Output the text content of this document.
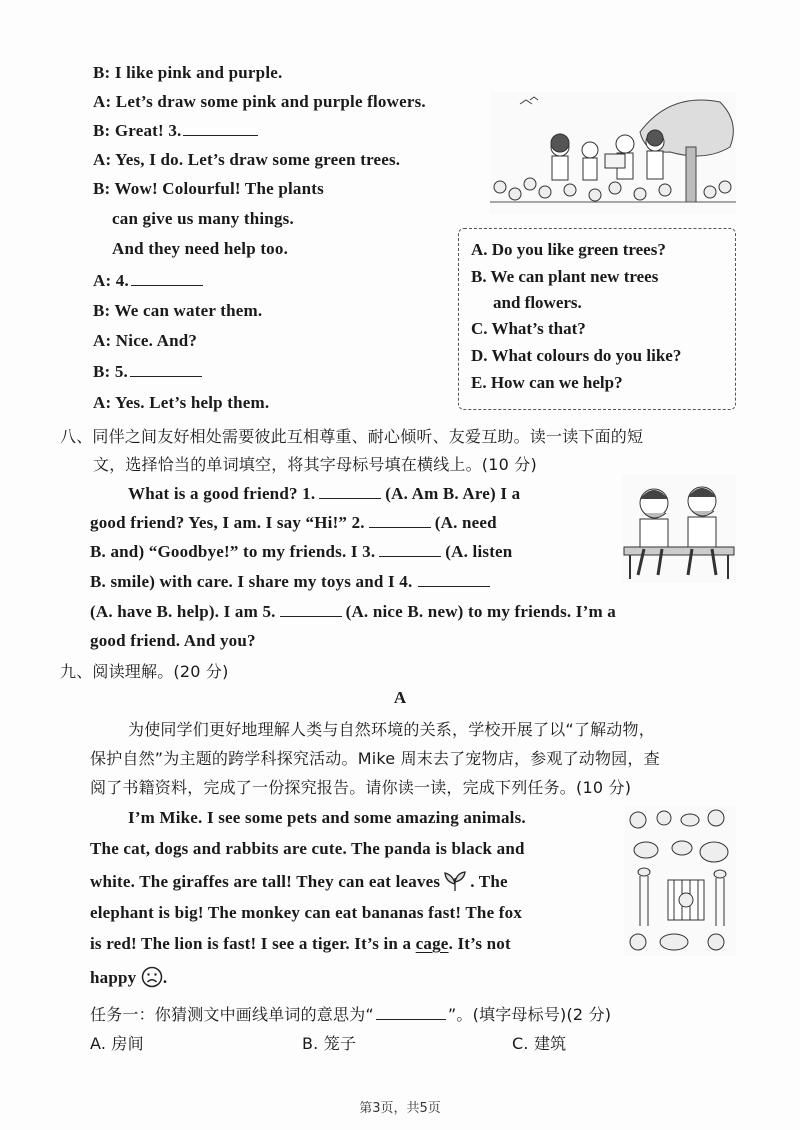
B: I like pink and purple.
A: Let’s draw some pink and purple flowers.
B: Great! 3.
A: Yes, I do. Let’s draw some green trees.
B: Wow! Colourful! The plants
can give us many things.
And they need help too.
A: 4.
B: We can water them.
A: Nice. And?
B: 5.
A: Yes. Let’s help them.
A. Do you like green trees?
B. We can plant new trees
and flowers.
C. What’s that?
D. What colours do you like?
E. How can we help?
八、同伴之间友好相处需要彼此互相尊重、耐心倾听、友爱互助。读一读下面的短
文，选择恰当的单词填空，将其字母标号填在横线上。(10 分)
What is a good friend? 1.	(A. Am B. Are) I a
good friend? Yes, I am. I say “Hi!” 2.	(A. need
B. and) “Goodbye!” to my friends. I 3.	(A. listen
B. smile) with care. I share my toys and I 4.
(A. have B. help). I am 5.	(A. nice B. new) to my friends. I’m a
good friend. And you?
九、阅读理解。(20 分)
A
为使同学们更好地理解人类与自然环境的关系，学校开展了以“了解动物，
保护自然”为主题的跨学科探究活动。Mike 周末去了宠物店，参观了动物园，查
阅了书籍资料，完成了一份探究报告。请你读一读，完成下列任务。(10 分)
I’m Mike. I see some pets and some amazing animals.
The cat, dogs and rabbits are cute. The panda is black and
white. The giraffes are tall! They can eat leaves . The
elephant is big! The monkey can eat bananas fast! The fox
is red! The lion is fast! I see a tiger. It’s in a cage. It’s not
happy .
任务一：你猜测文中画线单词的意思为“	”。(填字母标号)(2 分)
A. 房间	B. 笼子	C. 建筑
第3页，共5页
